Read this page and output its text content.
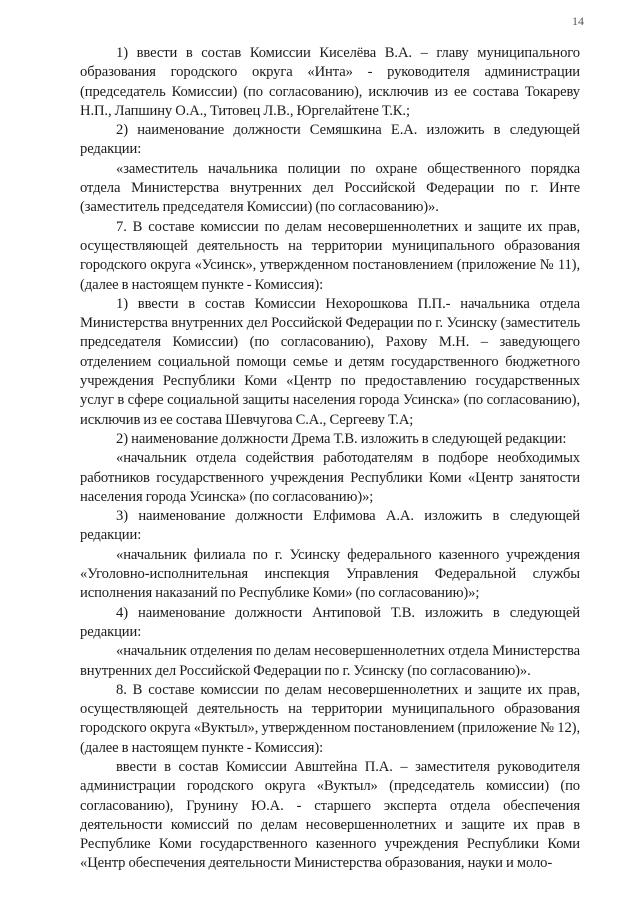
14

1) ввести в состав Комиссии Киселёва В.А. – главу муниципального образования городского округа «Инта» - руководителя администрации (председатель Комиссии) (по согласованию), исключив из ее состава Токареву Н.П., Лапшину О.А., Титовец Л.В., Юргелайтене Т.К.;

2) наименование должности Семяшкина Е.А. изложить в следующей редакции:

«заместитель начальника полиции по охране общественного порядка отдела Министерства внутренних дел Российской Федерации по г. Инте (заместитель председателя Комиссии) (по согласованию)».

7. В составе комиссии по делам несовершеннолетних и защите их прав, осуществляющей деятельность на территории муниципального образования городского округа «Усинск», утвержденном постановлением (приложение № 11), (далее в настоящем пункте - Комиссия):

1) ввести в состав Комиссии Нехорошкова П.П.- начальника отдела Министерства внутренних дел Российской Федерации по г. Усинску (заместитель председателя Комиссии) (по согласованию), Рахову М.Н. – заведующего отделением социальной помощи семье и детям государственного бюджетного учреждения Республики Коми «Центр по предоставлению государственных услуг в сфере социальной защиты населения города Усинска» (по согласованию), исключив из ее состава Шевчугова С.А., Сергееву Т.А;

2) наименование должности Дрема Т.В. изложить в следующей редакции:

«начальник отдела содействия работодателям в подборе необходимых работников государственного учреждения Республики Коми «Центр занятости населения города Усинска» (по согласованию)»;

3) наименование должности Елфимова А.А. изложить в следующей редакции:

«начальник филиала по г. Усинску федерального казенного учреждения «Уголовно-исполнительная инспекция Управления Федеральной службы исполнения наказаний по Республике Коми» (по согласованию)»;

4) наименование должности Антиповой Т.В. изложить в следующей редакции:

«начальник отделения по делам несовершеннолетних отдела Министерства внутренних дел Российской Федерации по г. Усинску (по согласованию)».

8. В составе комиссии по делам несовершеннолетних и защите их прав, осуществляющей деятельность на территории муниципального образования городского округа «Вуктыл», утвержденном постановлением (приложение № 12), (далее в настоящем пункте - Комиссия):

ввести в состав Комиссии Авштейна П.А. – заместителя руководителя администрации городского округа «Вуктыл» (председатель комиссии) (по согласованию), Грунину Ю.А. - старшего эксперта отдела обеспечения деятельности комиссий по делам несовершеннолетних и защите их прав в Республике Коми государственного казенного учреждения Республики Коми «Центр обеспечения деятельности Министерства образования, науки и моло-
